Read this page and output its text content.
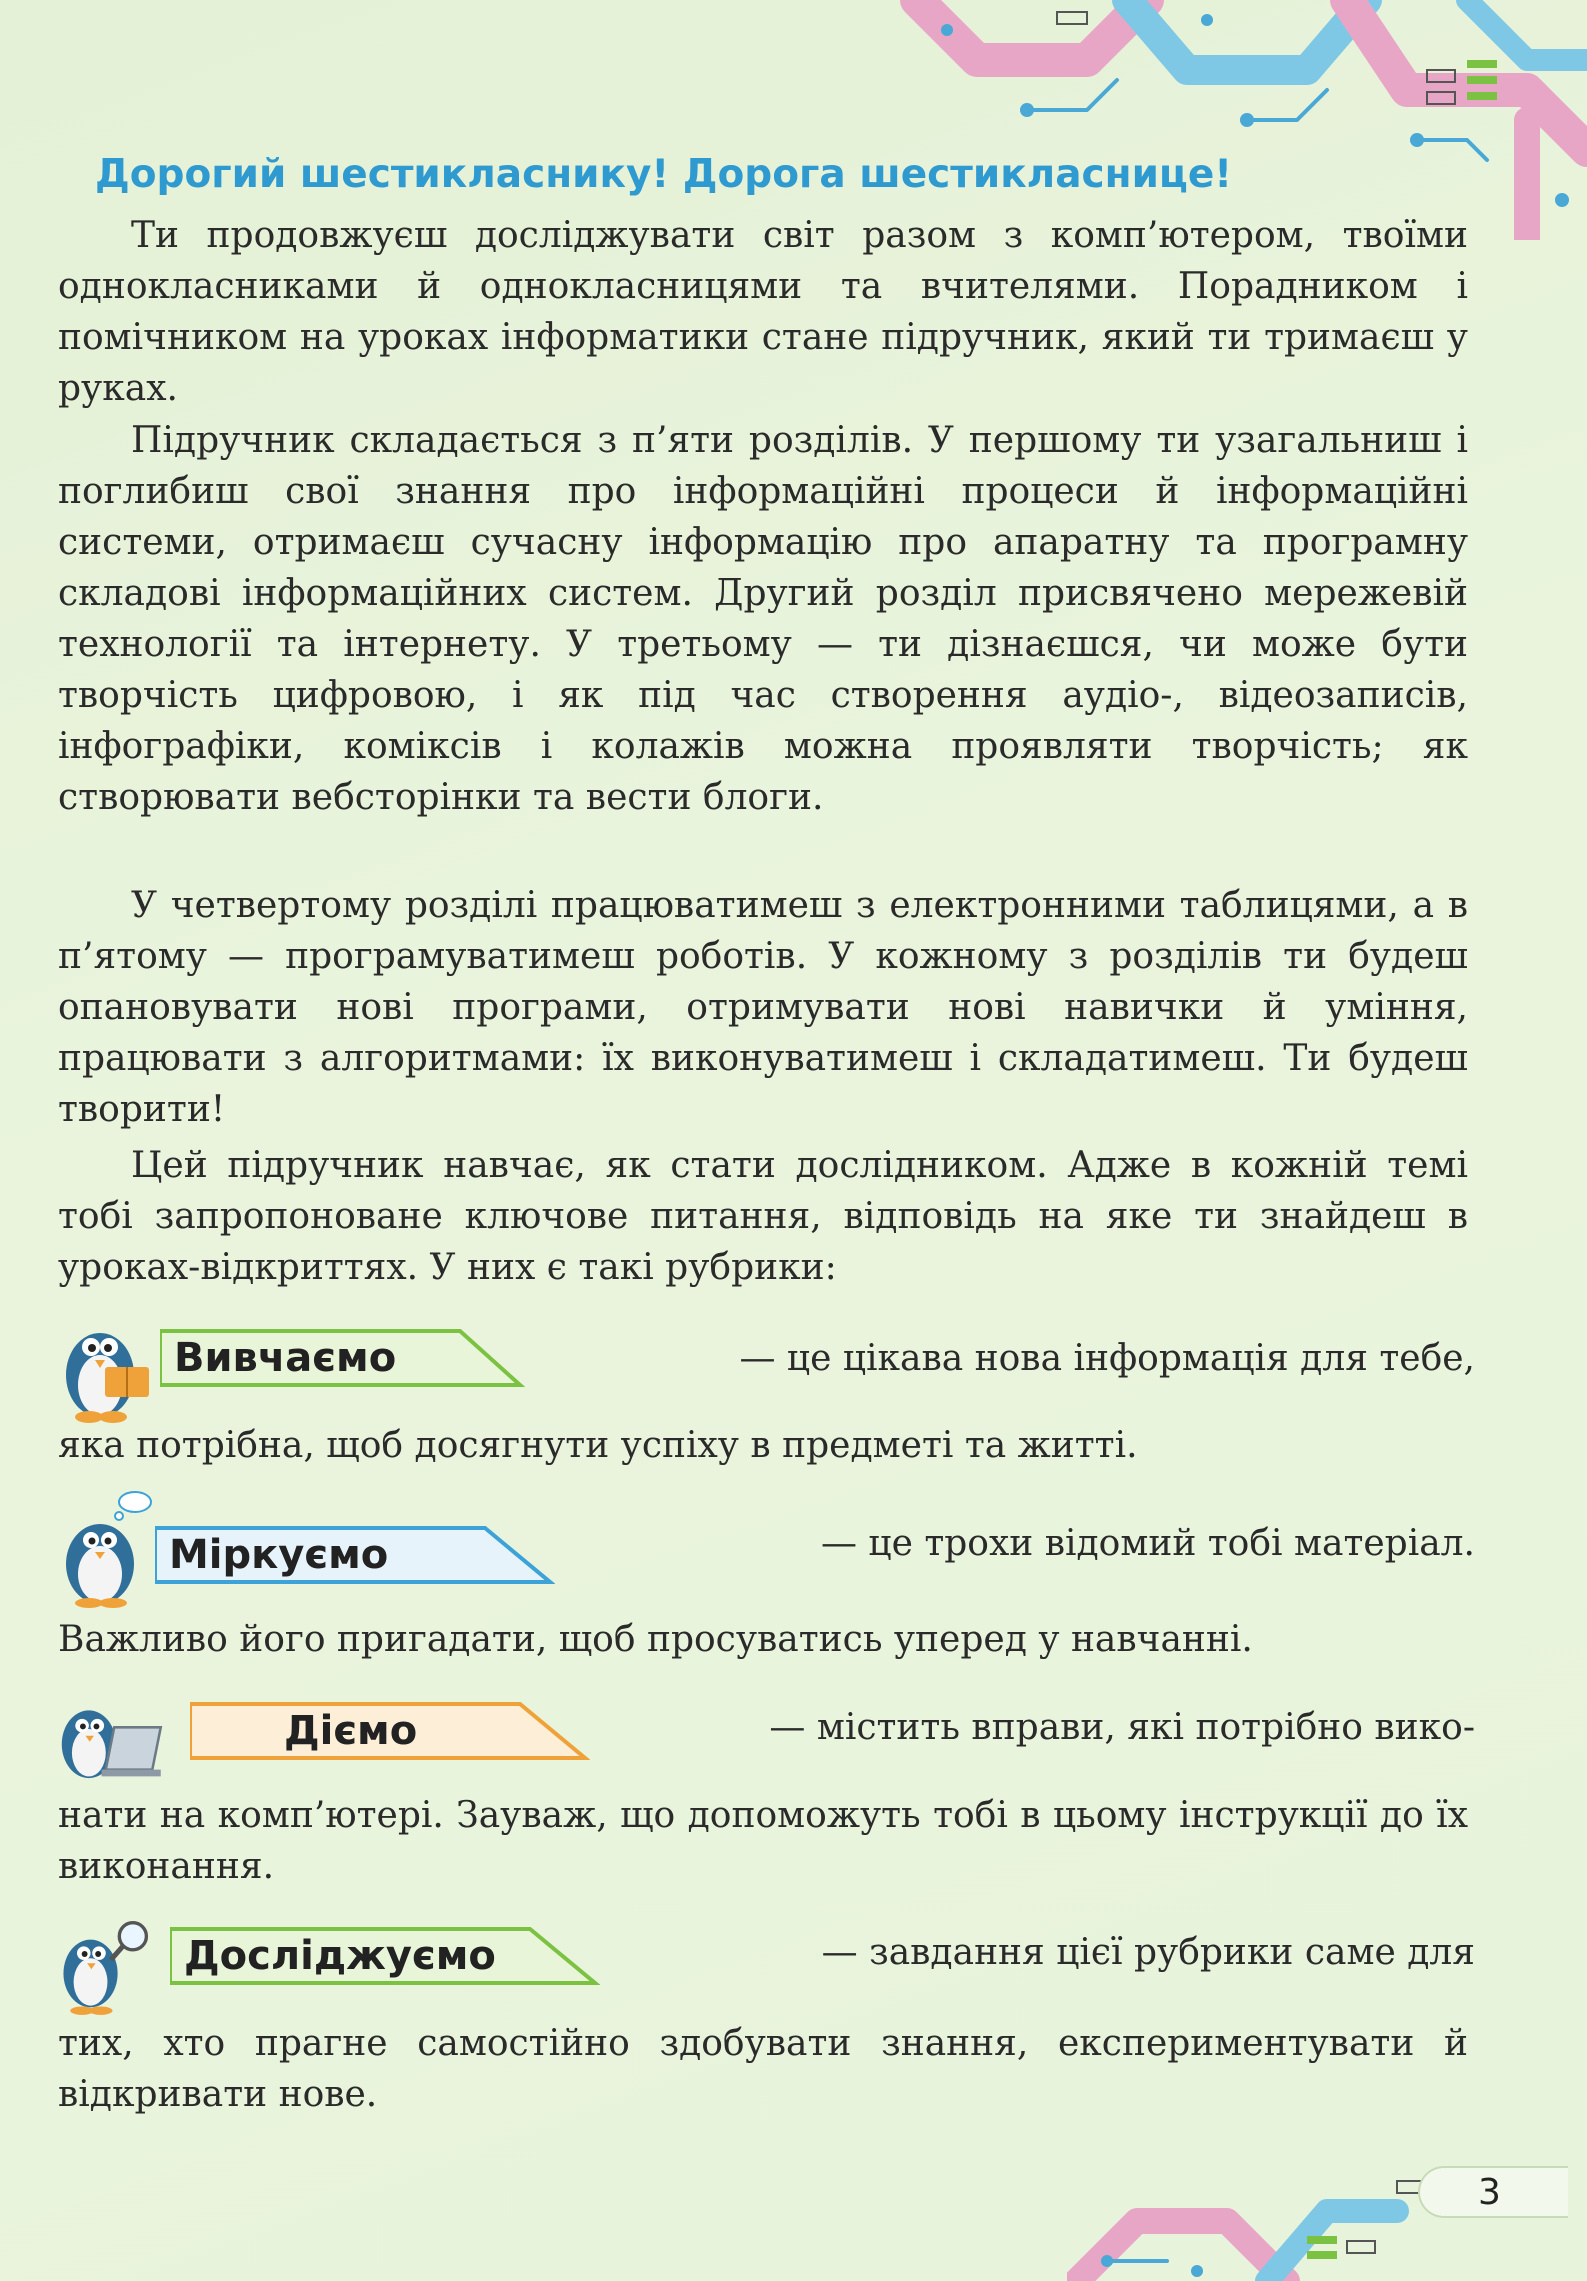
Дорогий шестикласнику! Дорога шестикласнице!

Ти продовжуєш досліджувати світ разом з комп’ютером, твоїми однокласниками й однокласницями та вчителями. Порадником і помічником на уроках інформатики стане підручник, який ти тримаєш у руках.

Підручник складається з п’яти розділів. У першому ти узагальниш і поглибиш свої знання про інформаційні процеси й інформаційні системи, отримаєш сучасну інформацію про апаратну та програмну складові інформаційних систем. Другий розділ присвячено мережевій технології та інтернету. У третьому — ти дізнаєшся, чи може бути творчість цифровою, і як під час створення аудіо-, відеозаписів, інфографіки, коміксів і колажів можна проявляти творчість; як створювати вебсторінки та вести блоги.

У четвертому розділі працюватимеш з електронними таблицями, а в п’ятому — програмуватимеш роботів. У кожному з розділів ти будеш опановувати нові програми, отримувати нові навички й уміння, працювати з алгоритмами: їх виконуватимеш і складатимеш. Ти будеш творити!

Цей підручник навчає, як стати дослідником. Адже в кожній темі тобі запропоноване ключове питання, відповідь на яке ти знайдеш в уроках-відкриттях. У них є такі рубрики:

Вивчаємо	— це цікава нова інформація для тебе,

яка потрібна, щоб досягнути успіху в предметі та житті.

Міркуємо	— це трохи відомий тобі матеріал.

Важливо його пригадати, щоб просуватись уперед у навчанні.

Діємо	— містить вправи, які потрібно вико-

нати на комп’ютері. Зауваж, що допоможуть тобі в цьому інструкції до їх виконання.

Досліджуємо	— завдання цієї рубрики саме для

тих, хто прагне самостійно здобувати знання, експериментувати й відкривати нове.

3
